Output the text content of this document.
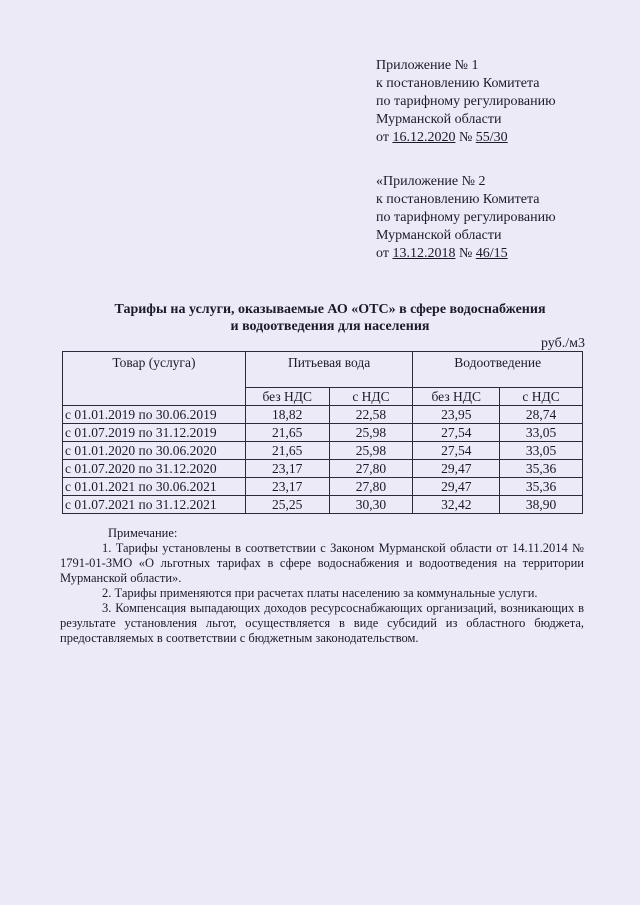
Приложение № 1
к постановлению Комитета
по тарифному регулированию
Мурманской области
от 16.12.2020 № 55/30
«Приложение № 2
к постановлению Комитета
по тарифному регулированию
Мурманской области
от 13.12.2018 № 46/15
Тарифы на услуги, оказываемые АО «ОТС» в сфере водоснабжения
и водоотведения для населения
руб./м3
Товар (услуга)	Питьевая вода		Водоотведение	
	без НДС	с НДС	без НДС	с НДС
с 01.01.2019 по 30.06.2019	18,82	22,58	23,95	28,74
с 01.07.2019 по 31.12.2019	21,65	25,98	27,54	33,05
с 01.01.2020 по 30.06.2020	21,65	25,98	27,54	33,05
с 01.07.2020 по 31.12.2020	23,17	27,80	29,47	35,36
с 01.01.2021 по 30.06.2021	23,17	27,80	29,47	35,36
с 01.07.2021 по 31.12.2021	25,25	30,30	32,42	38,90
Примечание:

1. Тарифы установлены в соответствии с Законом Мурманской области от 14.11.2014 № 1791-01-ЗМО «О льготных тарифах в сфере водоснабжения и водоотведения на территории Мурманской области».

2. Тарифы применяются при расчетах платы населению за коммунальные услуги.

3. Компенсация выпадающих доходов ресурсоснабжающих организаций, возникающих в результате установления льгот, осуществляется в виде субсидий из областного бюджета, предоставляемых в соответствии с бюджетным законодательством.
